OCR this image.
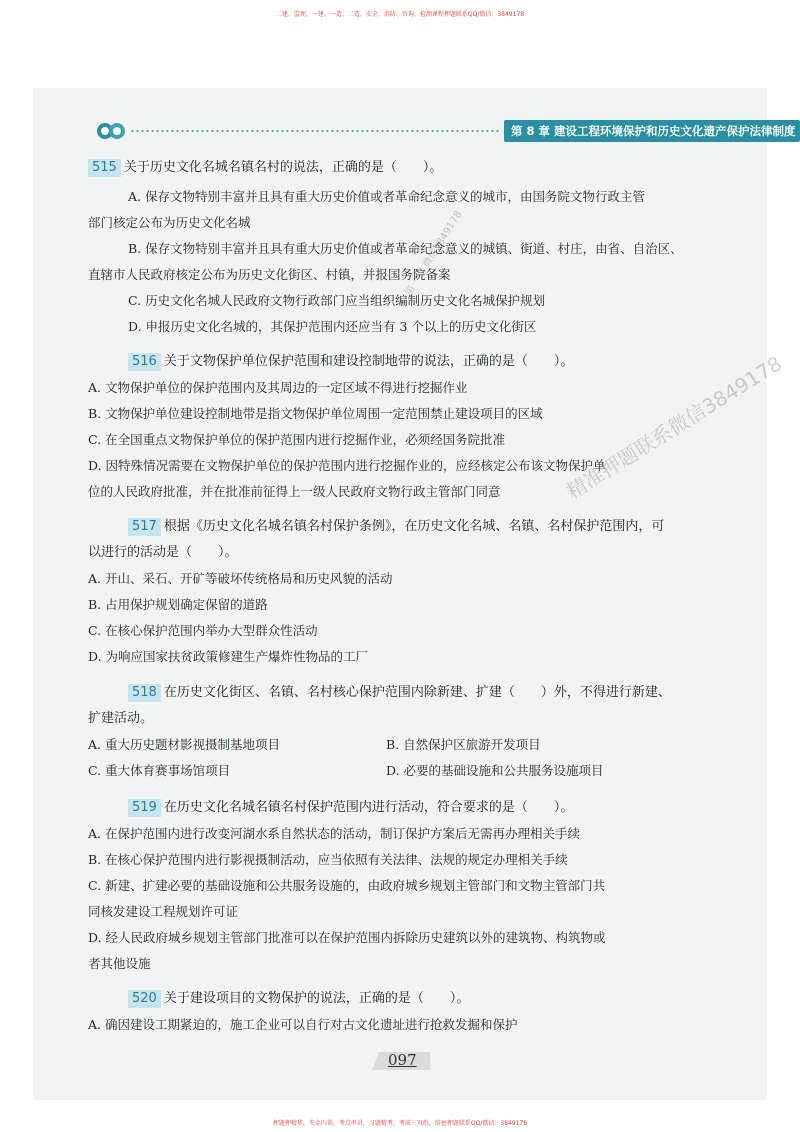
二建、监理、一建、一造、二造、安全、消防、咨询、检测课程押题联系QQ/微信：3849178
第 8 章 建设工程环境保护和历史文化遗产保护法律制度
515 关于历史文化名城名镇名村的说法，正确的是（　　）。
A. 保存文物特别丰富并且具有重大历史价值或者革命纪念意义的城市，由国务院文物行政主管
部门核定公布为历史文化名城
B. 保存文物特别丰富并且具有重大历史价值或者革命纪念意义的城镇、街道、村庄，由省、自治区、
直辖市人民政府核定公布为历史文化街区、村镇，并报国务院备案
C. 历史文化名城人民政府文物行政部门应当组织编制历史文化名城保护规划
D. 申报历史文化名城的，其保护范围内还应当有 3 个以上的历史文化街区
516 关于文物保护单位保护范围和建设控制地带的说法，正确的是（　　）。
A. 文物保护单位的保护范围内及其周边的一定区域不得进行挖掘作业
B. 文物保护单位建设控制地带是指文物保护单位周围一定范围禁止建设项目的区域
C. 在全国重点文物保护单位的保护范围内进行挖掘作业，必须经国务院批准
D. 因特殊情况需要在文物保护单位的保护范围内进行挖掘作业的，应经核定公布该文物保护单
位的人民政府批准，并在批准前征得上一级人民政府文物行政主管部门同意
517 根据《历史文化名城名镇名村保护条例》，在历史文化名城、名镇、名村保护范围内，可
以进行的活动是（　　）。
A. 开山、采石、开矿等破坏传统格局和历史风貌的活动
B. 占用保护规划确定保留的道路
C. 在核心保护范围内举办大型群众性活动
D. 为响应国家扶贫政策修建生产爆炸性物品的工厂
518 在历史文化街区、名镇、名村核心保护范围内除新建、扩建（　　）外，不得进行新建、
扩建活动。
A. 重大历史题材影视摄制基地项目	B. 自然保护区旅游开发项目
C. 重大体育赛事场馆项目	D. 必要的基础设施和公共服务设施项目
519 在历史文化名城名镇名村保护范围内进行活动，符合要求的是（　　）。
A. 在保护范围内进行改变河湖水系自然状态的活动，制订保护方案后无需再办理相关手续
B. 在核心保护范围内进行影视摄制活动，应当依照有关法律、法规的规定办理相关手续
C. 新建、扩建必要的基础设施和公共服务设施的，由政府城乡规划主管部门和文物主管部门共
同核发建设工程规划许可证
D. 经人民政府城乡规划主管部门批准可以在保护范围内拆除历史建筑以外的建筑物、构筑物或
者其他设施
520 关于建设项目的文物保护的说法，正确的是（　　）。
A. 确因建设工期紧迫的，施工企业可以自行对古文化遗址进行抢救发掘和保护
097
精准押题联系微信3849178
第一点 微信3849178
押题押精华，夹金内训，考点串讲，习题精考，考前三页纸，络密押题联系QQ/微信：3849178
